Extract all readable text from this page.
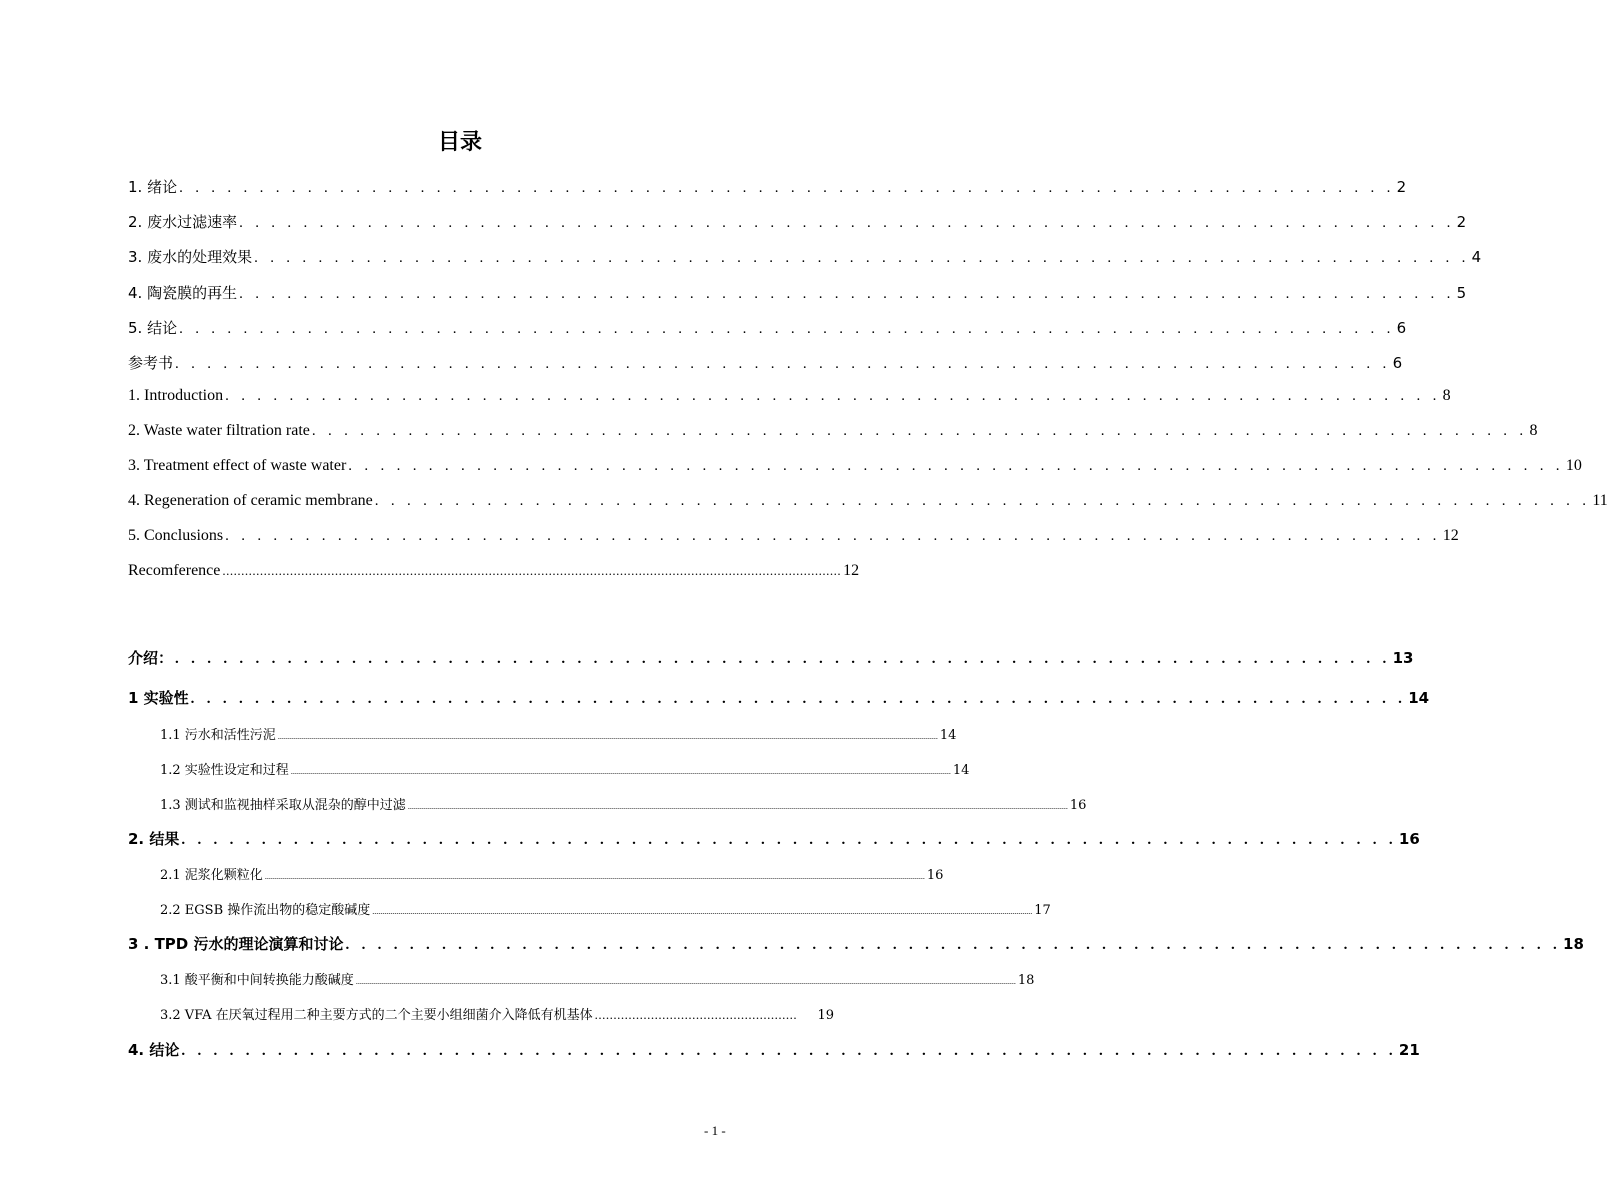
目录
1. 绪论 . . . . . . . . . . . . . . . . . . . . . . . . . . . . . . . . . . . . . . . . . . . . . . . . . . . . . . . . . . . . . . . . . . . . . . . . . . . . 2
2. 废水过滤速率 . . . . . . . . . . . . . . . . . . . . . . . . . . . . . . . . . . . . . . . . . . . . . . . . . . . . . . . . . . . . . . . . . . . . . . . . . . . . 2
3. 废水的处理效果 . . . . . . . . . . . . . . . . . . . . . . . . . . . . . . . . . . . . . . . . . . . . . . . . . . . . . . . . . . . . . . . . . . . . . . . . . . . . 4
4. 陶瓷膜的再生 . . . . . . . . . . . . . . . . . . . . . . . . . . . . . . . . . . . . . . . . . . . . . . . . . . . . . . . . . . . . . . . . . . . . . . . . . . . . 5
5. 结论 . . . . . . . . . . . . . . . . . . . . . . . . . . . . . . . . . . . . . . . . . . . . . . . . . . . . . . . . . . . . . . . . . . . . . . . . . . . . 6
参考书 . . . . . . . . . . . . . . . . . . . . . . . . . . . . . . . . . . . . . . . . . . . . . . . . . . . . . . . . . . . . . . . . . . . . . . . . . . . . 6
1. Introduction . . . . . . . . . . . . . . . . . . . . . . . . . . . . . . . . . . . . . . . . . . . . . . . . . . . . . . . . . . . . . . . . . . . . . . . . . . . . 8
2. Waste water filtration rate . . . . . . . . . . . . . . . . . . . . . . . . . . . . . . . . . . . . . . . . . . . . . . . . . . . . . . . . . . . . . . . . . . . . . . . . . . . . 8
3. Treatment effect of waste water . . . . . . . . . . . . . . . . . . . . . . . . . . . . . . . . . . . . . . . . . . . . . . . . . . . . . . . . . . . . . . . . . . . . . . . . . . . . 10
4. Regeneration of ceramic membrane . . . . . . . . . . . . . . . . . . . . . . . . . . . . . . . . . . . . . . . . . . . . . . . . . . . . . . . . . . . . . . . . . . . . . . . . . . . . 11
5. Conclusions . . . . . . . . . . . . . . . . . . . . . . . . . . . . . . . . . . . . . . . . . . . . . . . . . . . . . . . . . . . . . . . . . . . . . . . . . . . . 12
Recomference ..................................................................................................................................................................... 12
介绍： . . . . . . . . . . . . . . . . . . . . . . . . . . . . . . . . . . . . . . . . . . . . . . . . . . . . . . . . . . . . . . . . . . . . . . . . . . . . 13
1 实验性 . . . . . . . . . . . . . . . . . . . . . . . . . . . . . . . . . . . . . . . . . . . . . . . . . . . . . . . . . . . . . . . . . . . . . . . . . . . . 14
1.1 污水和活性污泥 .......................................................................................................................................................................................................................................................................................................................................... 14
1.2 实验性设定和过程 .......................................................................................................................................................................................................................................................................................................................................... 14
1.3 测试和监视抽样采取从混杂的醇中过滤 .......................................................................................................................................................................................................................................................................................................................................... 16
2. 结果 . . . . . . . . . . . . . . . . . . . . . . . . . . . . . . . . . . . . . . . . . . . . . . . . . . . . . . . . . . . . . . . . . . . . . . . . . . . . 16
2.1 泥浆化颗粒化 .......................................................................................................................................................................................................................................................................................................................................... 16
2.2 EGSB 操作流出物的稳定酸碱度 .......................................................................................................................................................................................................................................................................................................................................... 17
3 . TPD 污水的理论演算和讨论 . . . . . . . . . . . . . . . . . . . . . . . . . . . . . . . . . . . . . . . . . . . . . . . . . . . . . . . . . . . . . . . . . . . . . . . . . . . . 18
3.1 酸平衡和中间转换能力酸碱度 .......................................................................................................................................................................................................................................................................................................................................... 18
3.2 VFA 在厌氧过程用二种主要方式的二个主要小组细菌介入降低有机基体 ......................................................	19
4. 结论 . . . . . . . . . . . . . . . . . . . . . . . . . . . . . . . . . . . . . . . . . . . . . . . . . . . . . . . . . . . . . . . . . . . . . . . . . . . . 21
- 1 -
